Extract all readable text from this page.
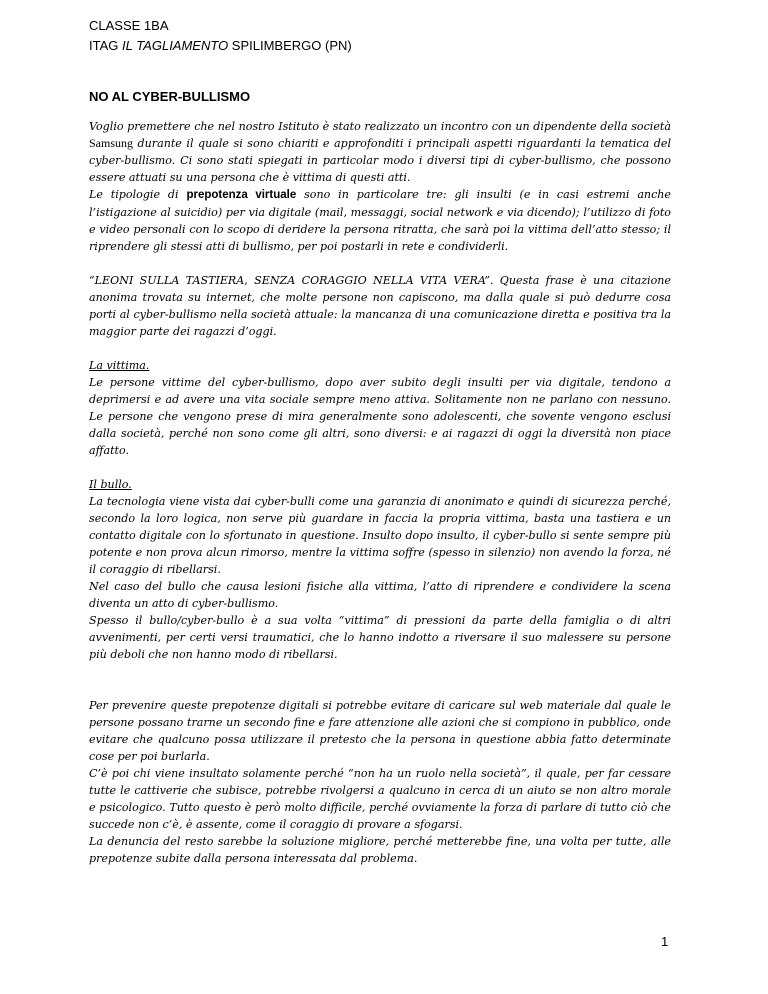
CLASSE 1BA
ITAG IL TAGLIAMENTO SPILIMBERGO (PN)
NO AL CYBER-BULLISMO

Voglio premettere che nel nostro Istituto è stato realizzato un incontro con un dipendente della società Samsung durante il quale si sono chiariti e approfonditi i principali aspetti riguardanti la tematica del cyber-bullismo. Ci sono stati spiegati in particolar modo i diversi tipi di cyber-bullismo, che possono essere attuati su una persona che è vittima di questi atti.

Le tipologie di prepotenza virtuale sono in particolare tre: gli insulti (e in casi estremi anche l’istigazione al suicidio) per via digitale (mail, messaggi, social network e via dicendo); l’utilizzo di foto e video personali con lo scopo di deridere la persona ritratta, che sarà poi la vittima dell’atto stesso; il riprendere gli stessi atti di bullismo, per poi postarli in rete e condividerli.

“LEONI SULLA TASTIERA, SENZA CORAGGIO NELLA VITA VERA”. Questa frase è una citazione anonima trovata su internet, che molte persone non capiscono, ma dalla quale si può dedurre cosa porti al cyber-bullismo nella società attuale: la mancanza di una comunicazione diretta e positiva tra la maggior parte dei ragazzi d’oggi.

La vittima.

Le persone vittime del cyber-bullismo, dopo aver subito degli insulti per via digitale, tendono a deprimersi e ad avere una vita sociale sempre meno attiva. Solitamente non ne parlano con nessuno. Le persone che vengono prese di mira generalmente sono adolescenti, che sovente vengono esclusi dalla società, perché non sono come gli altri, sono diversi: e ai ragazzi di oggi la diversità non piace affatto.

Il bullo.

La tecnologia viene vista dai cyber-bulli come una garanzia di anonimato e quindi di sicurezza perché, secondo la loro logica, non serve più guardare in faccia la propria vittima, basta una tastiera e un contatto digitale con lo sfortunato in questione. Insulto dopo insulto, il cyber-bullo si sente sempre più potente e non prova alcun rimorso, mentre la vittima soffre (spesso in silenzio) non avendo la forza, né il coraggio di ribellarsi.

Nel caso del bullo che causa lesioni fisiche alla vittima, l’atto di riprendere e condividere la scena diventa un atto di cyber-bullismo.

Spesso il bullo/cyber-bullo è a sua volta “vittima” di pressioni da parte della famiglia o di altri avvenimenti, per certi versi traumatici, che lo hanno indotto a riversare il suo malessere su persone più deboli che non hanno modo di ribellarsi.

Per prevenire queste prepotenze digitali si potrebbe evitare di caricare sul web materiale dal quale le persone possano trarne un secondo fine e fare attenzione alle azioni che si compiono in pubblico, onde evitare che qualcuno possa utilizzare il pretesto che la persona in questione abbia fatto determinate cose per poi burlarla.

C’è poi chi viene insultato solamente perché “non ha un ruolo nella società”, il quale, per far cessare tutte le cattiverie che subisce, potrebbe rivolgersi a qualcuno in cerca di un aiuto se non altro morale e psicologico. Tutto questo è però molto difficile, perché ovviamente la forza di parlare di tutto ciò che succede non c’è, è assente, come il coraggio di provare a sfogarsi.

La denuncia del resto sarebbe la soluzione migliore, perché metterebbe fine, una volta per tutte, alle prepotenze subite dalla persona interessata dal problema.

1
